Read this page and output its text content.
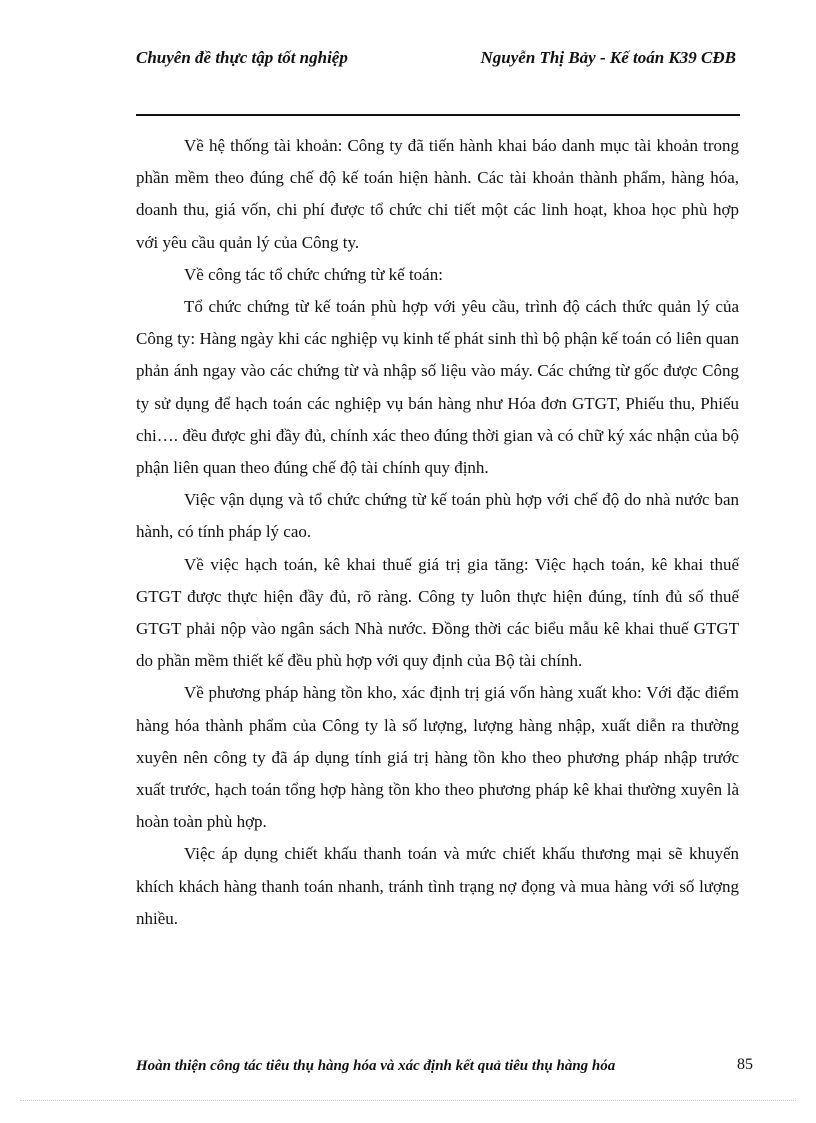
Chuyên đề thực tập tốt nghiệp	Nguyễn Thị Bảy - Kế toán K39 CĐB

Về hệ thống tài khoản: Công ty đã tiến hành khai báo danh mục tài khoản trong phần mềm theo đúng chế độ kế toán hiện hành. Các tài khoản thành phẩm, hàng hóa, doanh thu, giá vốn, chi phí được tổ chức chi tiết một các linh hoạt, khoa học phù hợp với yêu cầu quản lý của Công ty.

Về công tác tổ chức chứng từ kế toán:

Tổ chức chứng từ kế toán phù hợp với yêu cầu, trình độ cách thức quản lý của Công ty: Hàng ngày khi các nghiệp vụ kinh tế phát sinh thì bộ phận kế toán có liên quan phản ánh ngay vào các chứng từ và nhập số liệu vào máy. Các chứng từ gốc được Công ty sử dụng để hạch toán các nghiệp vụ bán hàng như Hóa đơn GTGT, Phiếu thu, Phiếu chi…. đều được ghi đầy đủ, chính xác theo đúng thời gian và có chữ ký xác nhận của bộ phận liên quan theo đúng chế độ tài chính quy định.

Việc vận dụng và tổ chức chứng từ kế toán phù hợp với chế độ do nhà nước ban hành, có tính pháp lý cao.

Về việc hạch toán, kê khai thuế giá trị gia tăng: Việc hạch toán, kê khai thuế GTGT được thực hiện đầy đủ, rõ ràng. Công ty luôn thực hiện đúng, tính đủ số thuế GTGT phải nộp vào ngân sách Nhà nước. Đồng thời các biểu mẫu kê khai thuế GTGT do phần mềm thiết kế đều phù hợp với quy định của Bộ tài chính.

Về phương pháp hàng tồn kho, xác định trị giá vốn hàng xuất kho: Với đặc điểm hàng hóa thành phẩm của Công ty là số lượng, lượng hàng nhập, xuất diễn ra thường xuyên nên công ty đã áp dụng tính giá trị hàng tồn kho theo phương pháp nhập trước xuất trước, hạch toán tổng hợp hàng tồn kho theo phương pháp kê khai thường xuyên là hoàn toàn phù hợp.

Việc áp dụng chiết khấu thanh toán và mức chiết khấu thương mại sẽ khuyến khích khách hàng thanh toán nhanh, tránh tình trạng nợ đọng và mua hàng với số lượng nhiều.

Hoàn thiện công tác tiêu thụ hàng hóa và xác định kết quả tiêu thụ hàng hóa	85
